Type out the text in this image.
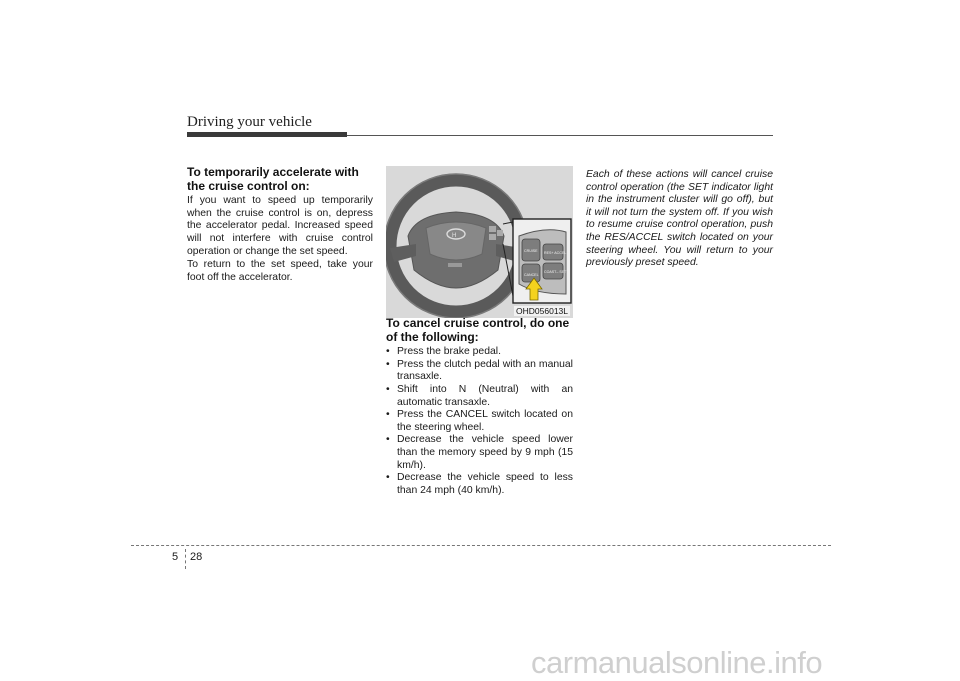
Driving your vehicle
To temporarily accelerate with the cruise control on:

If you want to speed up temporarily when the cruise control is on, depress the accelerator pedal. Increased speed will not interfere with cruise control operation or change the set speed.

To return to the set speed, take your foot off the accelerator.

H
CRUISE RES+ ACCEL
COAST– SET
CANCEL
OHD056013L
To cancel cruise control, do one of the following:
• Press the brake pedal.
• Press the clutch pedal with an manual transaxle.
• Shift into N (Neutral) with an automatic transaxle.
• Press the CANCEL switch located on the steering wheel.
• Decrease the vehicle speed lower than the memory speed by 9 mph (15 km/h).
• Decrease the vehicle speed to less than 24 mph (40 km/h).

Each of these actions will cancel cruise control operation (the SET indicator light in the instrument cluster will go off), but it will not turn the system off. If you wish to resume cruise control operation, push the RES/ACCEL switch located on your steering wheel. You will return to your previously preset speed.

5 28
carmanualsonline.info
